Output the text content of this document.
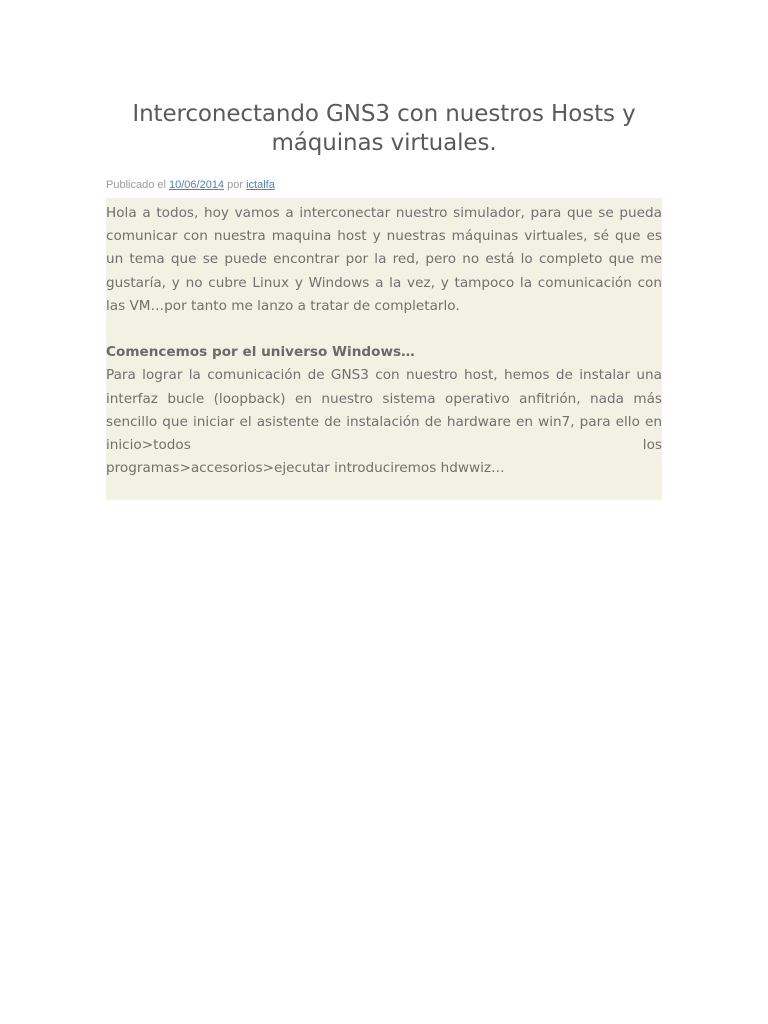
Interconectando GNS3 con nuestros Hosts y máquinas virtuales.
Publicado el 10/06/2014 por ictalfa

Hola a todos, hoy vamos a interconectar nuestro simulador, para que se pueda comunicar con nuestra maquina host y nuestras máquinas virtuales, sé que es un tema que se puede encontrar por la red, pero no está lo completo que me gustaría, y no cubre Linux y Windows a la vez, y tampoco la comunicación con las VM…por tanto me lanzo a tratar de completarlo.

Comencemos por el universo Windows…

Para lograr la comunicación de GNS3 con nuestro host, hemos de instalar una interfaz bucle (loopback) en nuestro sistema operativo anfitrión, nada más sencillo que iniciar el asistente de instalación de hardware en win7, para ello en inicio>todos los

programas>accesorios>ejecutar introduciremos hdwwiz…
